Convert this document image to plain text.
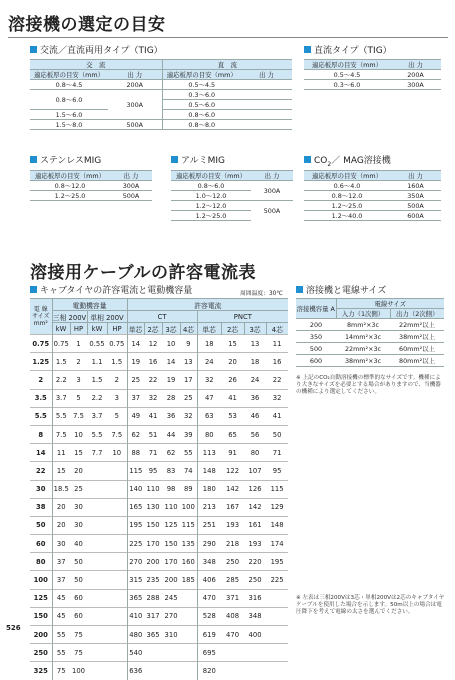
溶接機の選定の目安
交流／直流両用タイプ（TIG）
交　流		直　流	
適応板厚の目安（mm）	出 力	適応板厚の目安（mm）	出 力
0.8〜4.5	200A	0.5〜4.5	
0.8〜6.0	300A	0.3〜6.0	
		0.5〜6.0	
1.5〜6.0		0.8〜6.0	
1.5〜8.0	500A	0.8〜8.0	
直流タイプ（TIG）
適応板厚の目安（mm）	出 力
0.5〜4.5	200A
0.3〜6.0	300A
ステンレスMIG
適応板厚の目安（mm）	出 力
0.8〜12.0	300A
1.2〜25.0	500A
アルミMIG
適応板厚の目安（mm）	出 力
0.8〜6.0	300A
1.0〜12.0	
1.2〜12.0	500A
1.2〜25.0	
$CO_2/$ MAG溶接機
適応板厚の目安（mm）	出 力
0.6〜4.0	160A
0.8〜12.0	350A
1.2〜25.0	500A
1.2〜40.0	600A
溶接用ケーブルの許容電流表
キャブタイヤの許容電流と電動機容量	周囲温度：30℃
電 線 サイズ mm²	電動機容量				許容電流							
	三相 200V		単相 200V		CT				PNCT			
	kW	HP	kW	HP	単芯	2芯	3芯	4芯	単芯	2芯	3芯	4芯
0.75	0.75	1	0.55	0.75	14	12	10	9	18	15	13	11
1.25	1.5	2	1.1	1.5	19	16	14	13	24	20	18	16
2	2.2	3	1.5	2	25	22	19	17	32	26	24	22
3.5	3.7	5	2.2	3	37	32	28	25	47	41	36	32
5.5	5.5	7.5	3.7	5	49	41	36	32	63	53	46	41
8	7.5	10	5.5	7.5	62	51	44	39	80	65	56	50
14	11	15	7.7	10	88	71	62	55	113	91	80	71
22	15	20			115	95	83	74	148	122	107	95
30	18.5	25			140	110	98	89	180	142	126	115
38	20	30			165	130	110	100	213	167	142	129
50	20	30			195	150	125	115	251	193	161	148
60	30	40			225	170	150	135	290	218	193	174
80	37	50			270	200	170	160	348	250	220	195
100	37	50			315	235	200	185	406	285	250	225
125	45	60			365	288	245		470	371	316	
150	45	60			410	317	270		528	408	348	
200	55	75			480	365	310		619	470	400	
250	55	75			540				695			
325	75	100			636				820			
※ 左表は三相200Vは3芯・単相200Vは2芯のキャブタイヤケーブルを使用した場合を示します。50m以上の場合は電圧降下を考えて電線の太さを選んでください。
溶接機と電線サイズ
溶接機容量 A	電線サイズ	
	入力（1次側）	出力（2次側）
200	8mm²×3c	22mm²以上
350	14mm²×3c	38mm²以上
500	22mm²×3c	60mm²以上
600	38mm²×3c	80mm²以上
※ 上記のCO₂自動溶接機の標準的なサイズです。機種により大きなサイズを必要とする場合がありますので、当機器の機種により選定してください。
526
